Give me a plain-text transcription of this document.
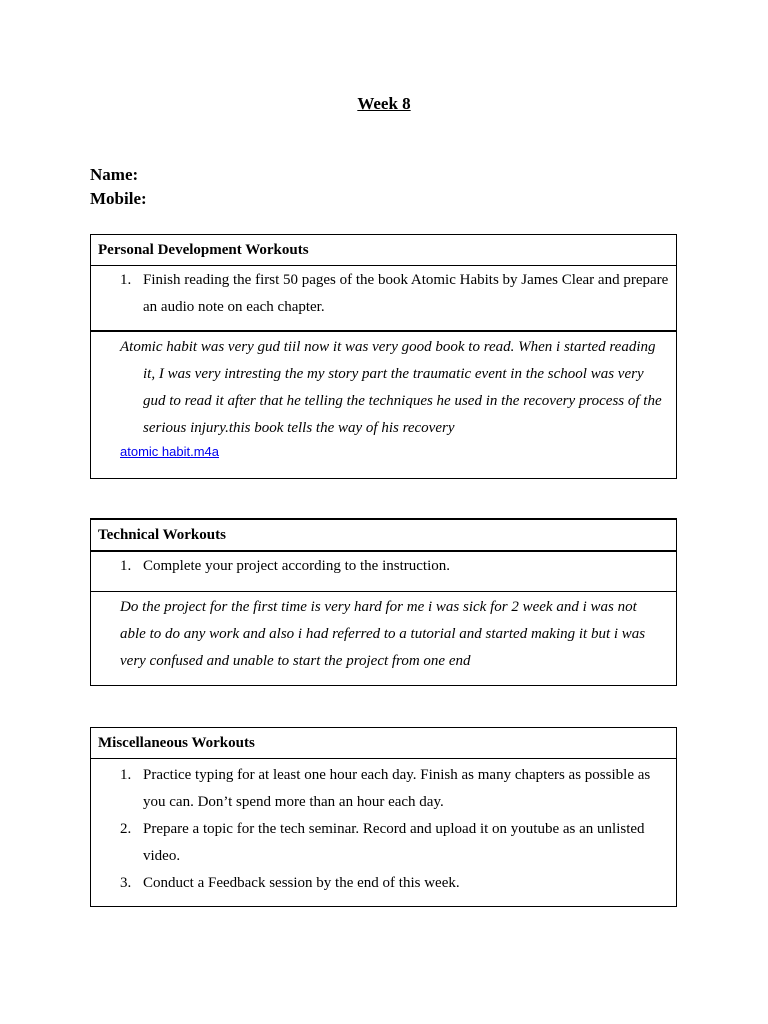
Week 8
Name:
Mobile:
Personal Development Workouts
1. Finish reading the first 50 pages of the book Atomic Habits by James Clear and prepare an audio note on each chapter.
Atomic habit was very gud tiil now it was very good book to read. When i started reading it, I was very intresting the my story part the traumatic event in the school was very gud to read it after that he telling the techniques he used in the recovery process of the serious injury.this book tells the way of his recovery
atomic habit.m4a
Technical Workouts
1. Complete your project according to the instruction.
Do the project for the first time is very hard for me i was sick for 2 week and i was not able to do any work and also i had referred to a tutorial and started making it but i was very confused and unable to start the project from one end
Miscellaneous Workouts
1. Practice typing for at least one hour each day. Finish as many chapters as possible as you can. Don’t spend more than an hour each day.
2. Prepare a topic for the tech seminar. Record and upload it on youtube as an unlisted video.
3. Conduct a Feedback session by the end of this week.
